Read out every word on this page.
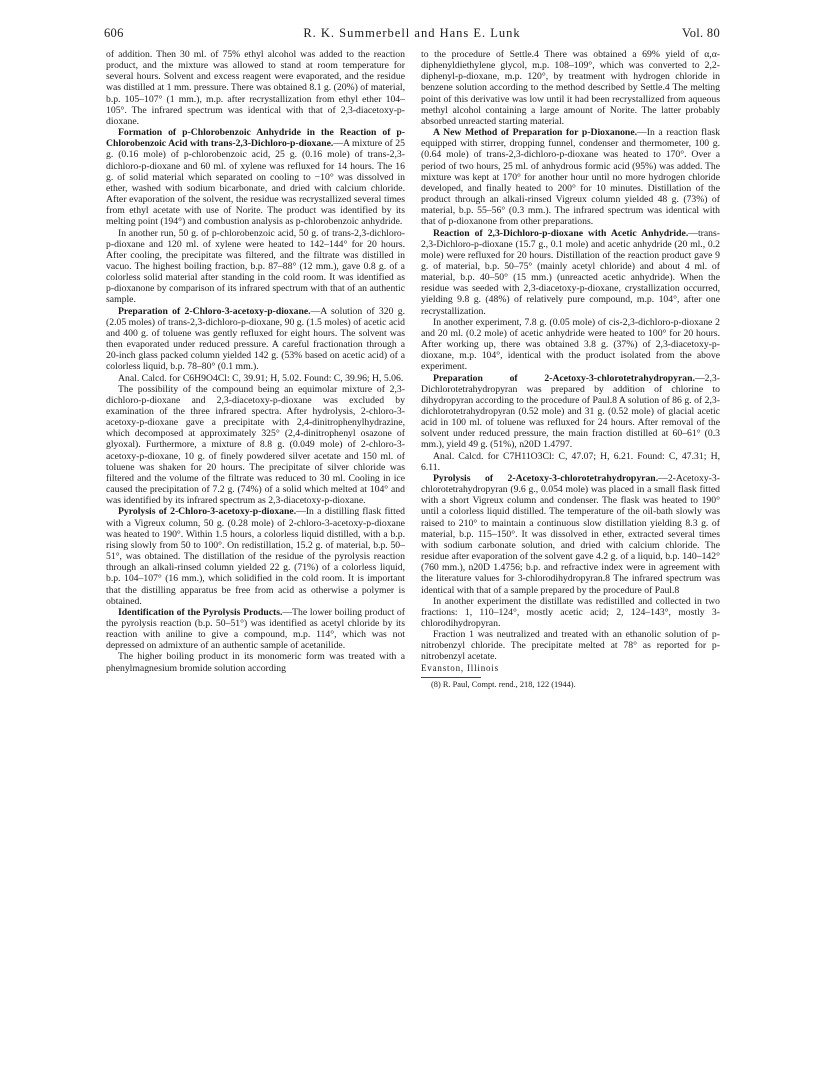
606	R. K. Summerbell and Hans E. Lunk	Vol. 80

of addition. Then 30 ml. of 75% ethyl alcohol was added to the reaction product, and the mixture was allowed to stand at room temperature for several hours. Solvent and excess reagent were evaporated, and the residue was distilled at 1 mm. pressure. There was obtained 8.1 g. (20%) of material, b.p. 105–107° (1 mm.), m.p. after recrystallization from ethyl ether 104–105°. The infrared spectrum was identical with that of 2,3-diacetoxy-p-dioxane.

Formation of p-Chlorobenzoic Anhydride in the Reaction of p-Chlorobenzoic Acid with trans-2,3-Dichloro-p-dioxane.—A mixture of 25 g. (0.16 mole) of p-chlorobenzoic acid, 25 g. (0.16 mole) of trans-2,3-dichloro-p-dioxane and 60 ml. of xylene was refluxed for 14 hours. The 16 g. of solid material which separated on cooling to −10° was dissolved in ether, washed with sodium bicarbonate, and dried with calcium chloride. After evaporation of the solvent, the residue was recrystallized several times from ethyl acetate with use of Norite. The product was identified by its melting point (194°) and combustion analysis as p-chlorobenzoic anhydride.

In another run, 50 g. of p-chlorobenzoic acid, 50 g. of trans-2,3-dichloro-p-dioxane and 120 ml. of xylene were heated to 142–144° for 20 hours. After cooling, the precipitate was filtered, and the filtrate was distilled in vacuo. The highest boiling fraction, b.p. 87–88° (12 mm.), gave 0.8 g. of a colorless solid material after standing in the cold room. It was identified as p-dioxanone by comparison of its infrared spectrum with that of an authentic sample.

Preparation of 2-Chloro-3-acetoxy-p-dioxane.—A solution of 320 g. (2.05 moles) of trans-2,3-dichloro-p-dioxane, 90 g. (1.5 moles) of acetic acid and 400 g. of toluene was gently refluxed for eight hours. The solvent was then evaporated under reduced pressure. A careful fractionation through a 20-inch glass packed column yielded 142 g. (53% based on acetic acid) of a colorless liquid, b.p. 78–80° (0.1 mm.).

Anal. Calcd. for C6H9O4Cl: C, 39.91; H, 5.02. Found: C, 39.96; H, 5.06.

The possibility of the compound being an equimolar mixture of 2,3-dichloro-p-dioxane and 2,3-diacetoxy-p-dioxane was excluded by examination of the three infrared spectra. After hydrolysis, 2-chloro-3-acetoxy-p-dioxane gave a precipitate with 2,4-dinitrophenylhydrazine, which decomposed at approximately 325° (2,4-dinitrophenyl osazone of glyoxal). Furthermore, a mixture of 8.8 g. (0.049 mole) of 2-chloro-3-acetoxy-p-dioxane, 10 g. of finely powdered silver acetate and 150 ml. of toluene was shaken for 20 hours. The precipitate of silver chloride was filtered and the volume of the filtrate was reduced to 30 ml. Cooling in ice caused the precipitation of 7.2 g. (74%) of a solid which melted at 104° and was identified by its infrared spectrum as 2,3-diacetoxy-p-dioxane.

Pyrolysis of 2-Chloro-3-acetoxy-p-dioxane.—In a distilling flask fitted with a Vigreux column, 50 g. (0.28 mole) of 2-chloro-3-acetoxy-p-dioxane was heated to 190°. Within 1.5 hours, a colorless liquid distilled, with a b.p. rising slowly from 50 to 100°. On redistillation, 15.2 g. of material, b.p. 50–51°, was obtained. The distillation of the residue of the pyrolysis reaction through an alkali-rinsed column yielded 22 g. (71%) of a colorless liquid, b.p. 104–107° (16 mm.), which solidified in the cold room. It is important that the distilling apparatus be free from acid as otherwise a polymer is obtained.

Identification of the Pyrolysis Products.—The lower boiling product of the pyrolysis reaction (b.p. 50–51°) was identified as acetyl chloride by its reaction with aniline to give a compound, m.p. 114°, which was not depressed on admixture of an authentic sample of acetanilide.

The higher boiling product in its monomeric form was treated with a phenylmagnesium bromide solution according

to the procedure of Settle.4 There was obtained a 69% yield of α,α-diphenyldiethylene glycol, m.p. 108–109°, which was converted to 2,2-diphenyl-p-dioxane, m.p. 120°, by treatment with hydrogen chloride in benzene solution according to the method described by Settle.4 The melting point of this derivative was low until it had been recrystallized from aqueous methyl alcohol containing a large amount of Norite. The latter probably absorbed unreacted starting material.

A New Method of Preparation for p-Dioxanone.—In a reaction flask equipped with stirrer, dropping funnel, condenser and thermometer, 100 g. (0.64 mole) of trans-2,3-dichloro-p-dioxane was heated to 170°. Over a period of two hours, 25 ml. of anhydrous formic acid (95%) was added. The mixture was kept at 170° for another hour until no more hydrogen chloride developed, and finally heated to 200° for 10 minutes. Distillation of the product through an alkali-rinsed Vigreux column yielded 48 g. (73%) of material, b.p. 55–56° (0.3 mm.). The infrared spectrum was identical with that of p-dioxanone from other preparations.

Reaction of 2,3-Dichloro-p-dioxane with Acetic Anhydride.—trans-2,3-Dichloro-p-dioxane (15.7 g., 0.1 mole) and acetic anhydride (20 ml., 0.2 mole) were refluxed for 20 hours. Distillation of the reaction product gave 9 g. of material, b.p. 50–75° (mainly acetyl chloride) and about 4 ml. of material, b.p. 40–50° (15 mm.) (unreacted acetic anhydride). When the residue was seeded with 2,3-diacetoxy-p-dioxane, crystallization occurred, yielding 9.8 g. (48%) of relatively pure compound, m.p. 104°, after one recrystallization.

In another experiment, 7.8 g. (0.05 mole) of cis-2,3-dichloro-p-dioxane 2 and 20 ml. (0.2 mole) of acetic anhydride were heated to 100° for 20 hours. After working up, there was obtained 3.8 g. (37%) of 2,3-diacetoxy-p-dioxane, m.p. 104°, identical with the product isolated from the above experiment.

Preparation of 2-Acetoxy-3-chlorotetrahydropyran.—2,3-Dichlorotetrahydropyran was prepared by addition of chlorine to dihydropyran according to the procedure of Paul.8 A solution of 86 g. of 2,3-dichlorotetrahydropyran (0.52 mole) and 31 g. (0.52 mole) of glacial acetic acid in 100 ml. of toluene was refluxed for 24 hours. After removal of the solvent under reduced pressure, the main fraction distilled at 60–61° (0.3 mm.), yield 49 g. (51%), n20D 1.4797.

Anal. Calcd. for C7H11O3Cl: C, 47.07; H, 6.21. Found: C, 47.31; H, 6.11.

Pyrolysis of 2-Acetoxy-3-chlorotetrahydropyran.—2-Acetoxy-3-chlorotetrahydropyran (9.6 g., 0.054 mole) was placed in a small flask fitted with a short Vigreux column and condenser. The flask was heated to 190° until a colorless liquid distilled. The temperature of the oil-bath slowly was raised to 210° to maintain a continuous slow distillation yielding 8.3 g. of material, b.p. 115–150°. It was dissolved in ether, extracted several times with sodium carbonate solution, and dried with calcium chloride. The residue after evaporation of the solvent gave 4.2 g. of a liquid, b.p. 140–142° (760 mm.), n20D 1.4756; b.p. and refractive index were in agreement with the literature values for 3-chlorodihydropyran.8 The infrared spectrum was identical with that of a sample prepared by the procedure of Paul.8

In another experiment the distillate was redistilled and collected in two fractions: 1, 110–124°, mostly acetic acid; 2, 124–143°, mostly 3-chlorodihydropyran.

Fraction 1 was neutralized and treated with an ethanolic solution of p-nitrobenzyl chloride. The precipitate melted at 78° as reported for p-nitrobenzyl acetate.

Evanston, Illinois

(8) R. Paul, Compt. rend., 218, 122 (1944).
